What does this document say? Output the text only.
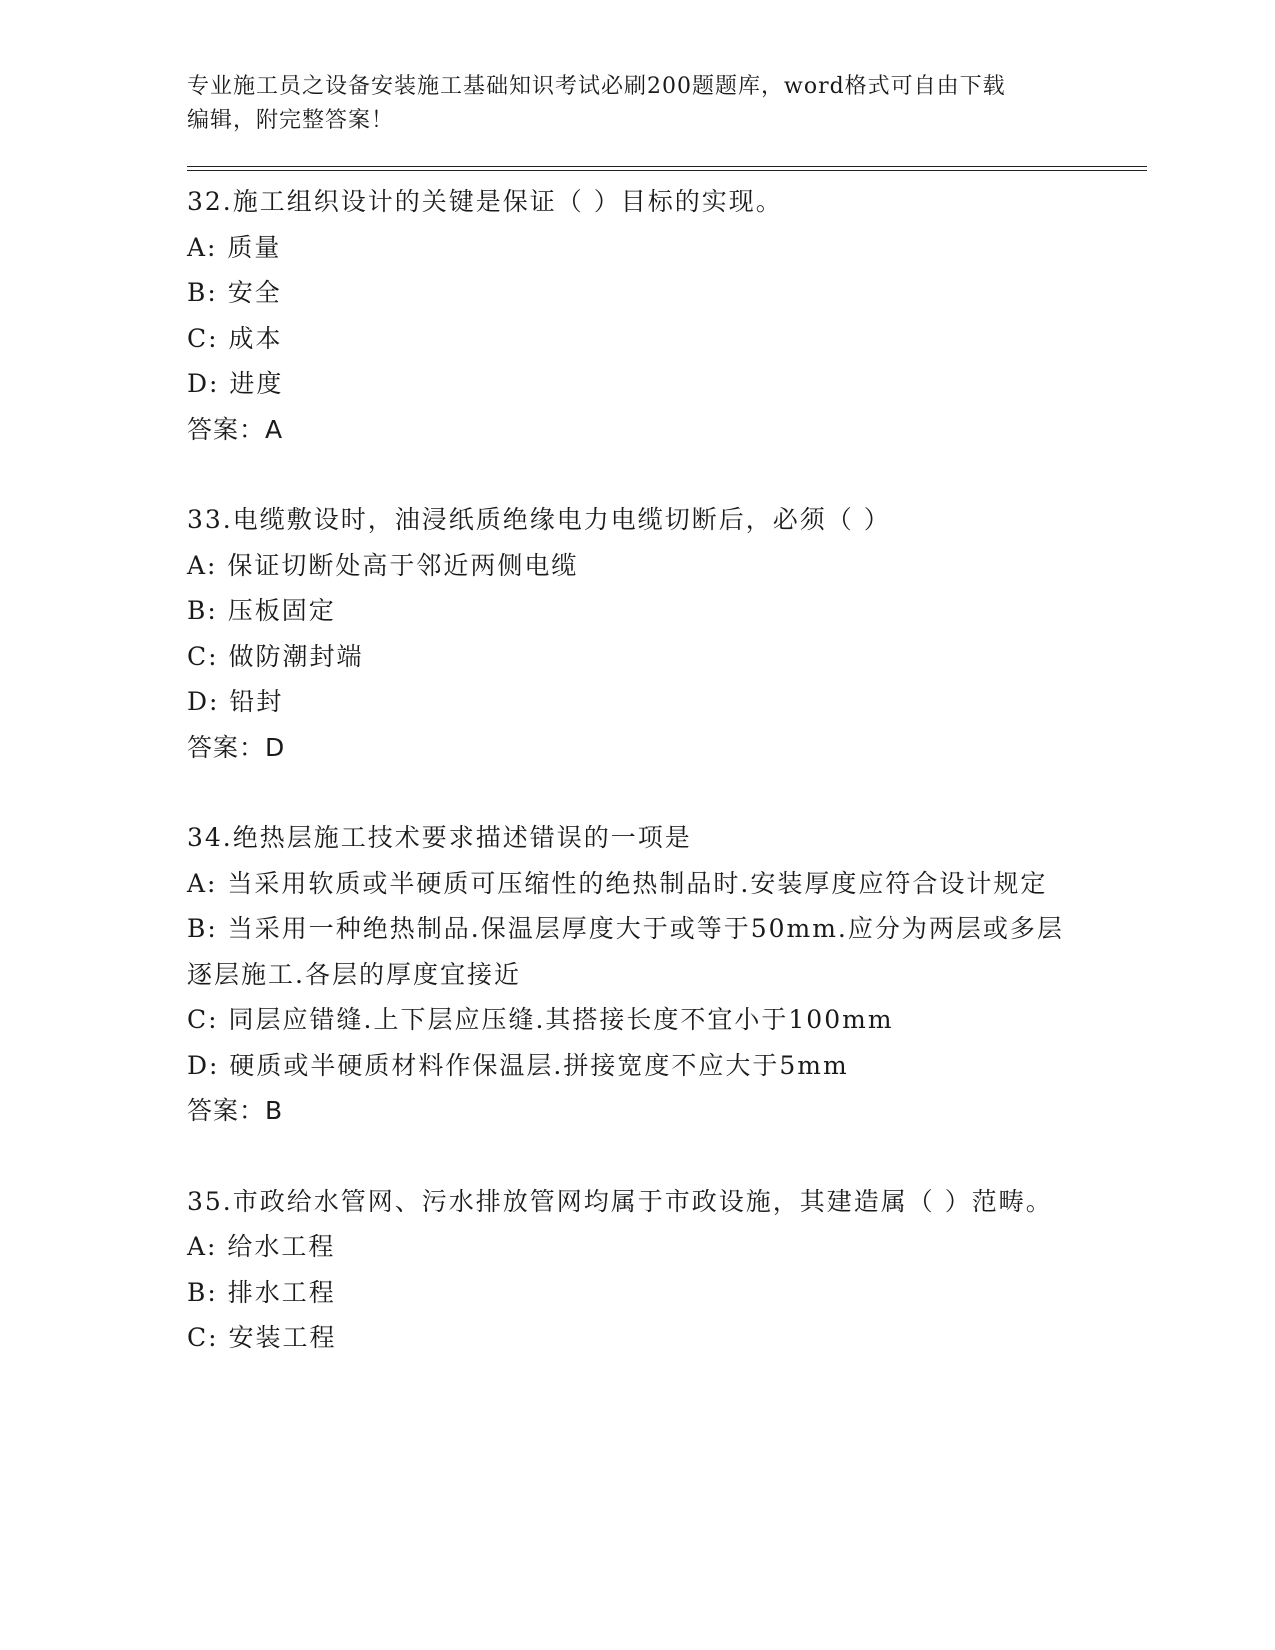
专业施工员之设备安装施工基础知识考试必刷200题题库，word格式可自由下载
编辑，附完整答案！
32.施工组织设计的关键是保证（ ）目标的实现。
A: 质量
B: 安全
C: 成本
D: 进度
答案：A
33.电缆敷设时，油浸纸质绝缘电力电缆切断后，必须（ ）
A: 保证切断处高于邻近两侧电缆
B: 压板固定
C: 做防潮封端
D: 铅封
答案：D
34.绝热层施工技术要求描述错误的一项是
A: 当采用软质或半硬质可压缩性的绝热制品时.安装厚度应符合设计规定
B: 当采用一种绝热制品.保温层厚度大于或等于50mm.应分为两层或多层逐层施工.各层的厚度宜接近
C: 同层应错缝.上下层应压缝.其搭接长度不宜小于100mm
D: 硬质或半硬质材料作保温层.拼接宽度不应大于5mm
答案：B
35.市政给水管网、污水排放管网均属于市政设施，其建造属（ ）范畴。
A: 给水工程
B: 排水工程
C: 安装工程
